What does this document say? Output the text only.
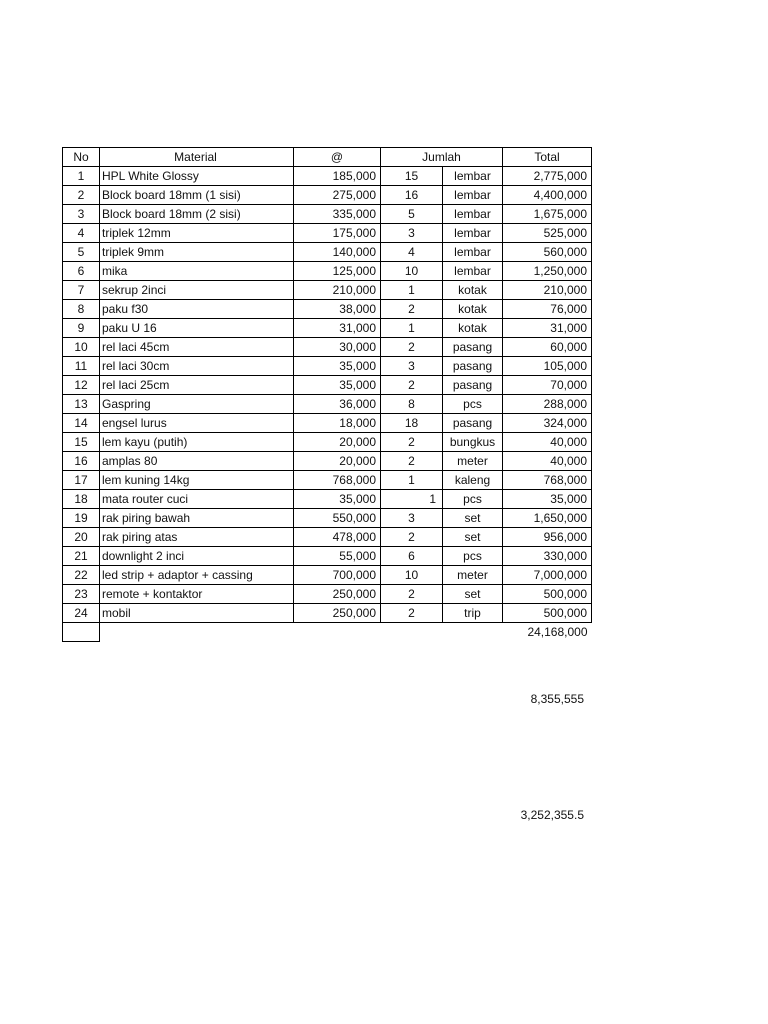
No	Material	@	Jumlah		Total
1	HPL White Glossy	185,000	15	lembar	2,775,000
2	Block board 18mm (1 sisi)	275,000	16	lembar	4,400,000
3	Block board 18mm (2 sisi)	335,000	5	lembar	1,675,000
4	triplek 12mm	175,000	3	lembar	525,000
5	triplek 9mm	140,000	4	lembar	560,000
6	mika	125,000	10	lembar	1,250,000
7	sekrup 2inci	210,000	1	kotak	210,000
8	paku f30	38,000	2	kotak	76,000
9	paku U 16	31,000	1	kotak	31,000
10	rel laci 45cm	30,000	2	pasang	60,000
11	rel laci 30cm	35,000	3	pasang	105,000
12	rel laci 25cm	35,000	2	pasang	70,000
13	Gaspring	36,000	8	pcs	288,000
14	engsel lurus	18,000	18	pasang	324,000
15	lem kayu (putih)	20,000	2	bungkus	40,000
16	amplas 80	20,000	2	meter	40,000
17	lem kuning 14kg	768,000	1	kaleng	768,000
18	mata router cuci	35,000	1	pcs	35,000
19	rak piring bawah	550,000	3	set	1,650,000
20	rak piring atas	478,000	2	set	956,000
21	downlight 2 inci	55,000	6	pcs	330,000
22	led strip + adaptor + cassing	700,000	10	meter	7,000,000
23	remote + kontaktor	250,000	2	set	500,000
24	mobil	250,000	2	trip	500,000
					24,168,000
8,355,555
3,252,355.5
